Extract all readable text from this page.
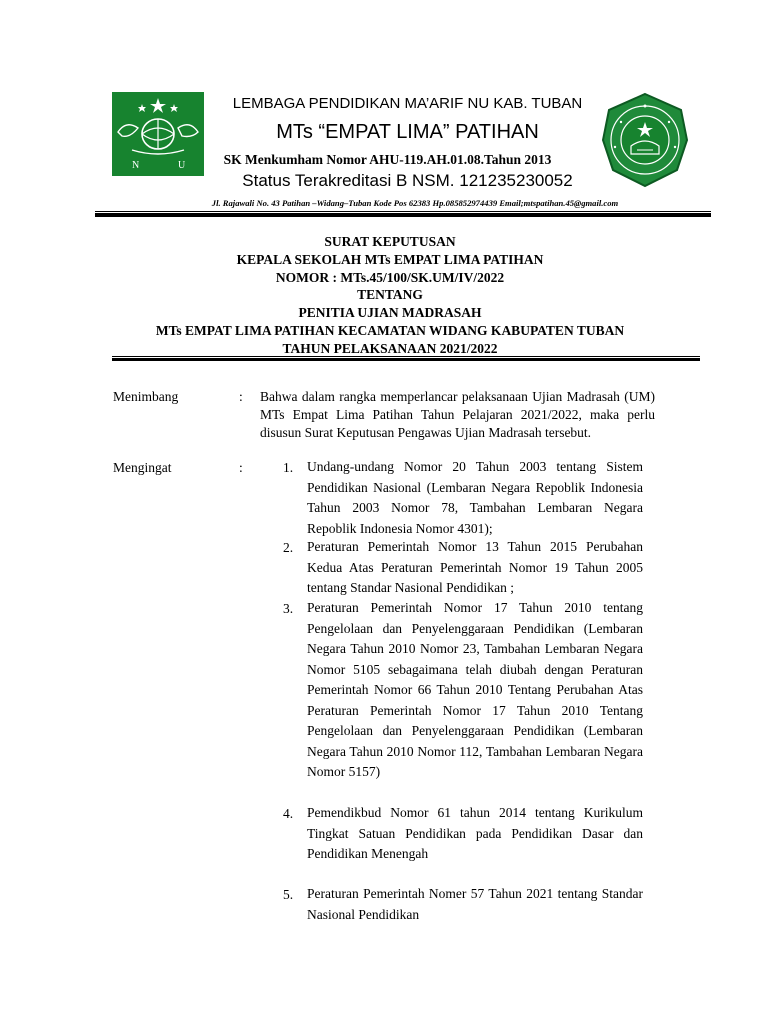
N	U
LEMBAGA PENDIDIKAN MA’ARIF NU KAB. TUBAN
MTs “EMPAT LIMA” PATIHAN
SK Menkumham Nomor AHU-119.AH.01.08.Tahun 2013
Status Terakreditasi B NSM. 121235230052
Jl. Rajawali No. 43 Patihan –Widang–Tuban Kode Pos 62383 Hp.085852974439 Email;mtspatihan.45@gmail.com
SURAT KEPUTUSAN
KEPALA SEKOLAH MTs EMPAT LIMA PATIHAN
NOMOR : MTs.45/100/SK.UM/IV/2022
TENTANG
PENITIA UJIAN MADRASAH
MTs EMPAT LIMA PATIHAN KECAMATAN WIDANG KABUPATEN TUBAN
TAHUN PELAKSANAAN 2021/2022
Menimbang	: Bahwa dalam rangka memperlancar pelaksanaan Ujian Madrasah (UM) MTs Empat Lima Patihan Tahun Pelajaran 2021/2022, maka perlu disusun Surat Keputusan Pengawas Ujian Madrasah tersebut.
Mengingat	:	1. Undang-undang Nomor 20 Tahun 2003 tentang Sistem Pendidikan Nasional (Lembaran Negara Repoblik Indonesia Tahun 2003 Nomor 78, Tambahan Lembaran Negara Repoblik Indonesia Nomor 4301);
2. Peraturan Pemerintah Nomor 13 Tahun 2015 Perubahan Kedua Atas Peraturan Pemerintah Nomor 19 Tahun 2005 tentang Standar Nasional Pendidikan ;
3. Peraturan Pemerintah Nomor 17 Tahun 2010 tentang Pengelolaan dan Penyelenggaraan Pendidikan (Lembaran Negara Tahun 2010 Nomor 23, Tambahan Lembaran Negara Nomor 5105 sebagaimana telah diubah dengan Peraturan Pemerintah Nomor 66 Tahun 2010 Tentang Perubahan Atas Peraturan Pemerintah Nomor 17 Tahun 2010 Tentang Pengelolaan dan Penyelenggaraan Pendidikan (Lembaran Negara Tahun 2010 Nomor 112, Tambahan Lembaran Negara Nomor 5157)
4. Pemendikbud Nomor 61 tahun 2014 tentang Kurikulum Tingkat Satuan Pendidikan pada Pendidikan Dasar dan Pendidikan Menengah
5. Peraturan Pemerintah Nomer 57 Tahun 2021 tentang Standar Nasional Pendidikan
